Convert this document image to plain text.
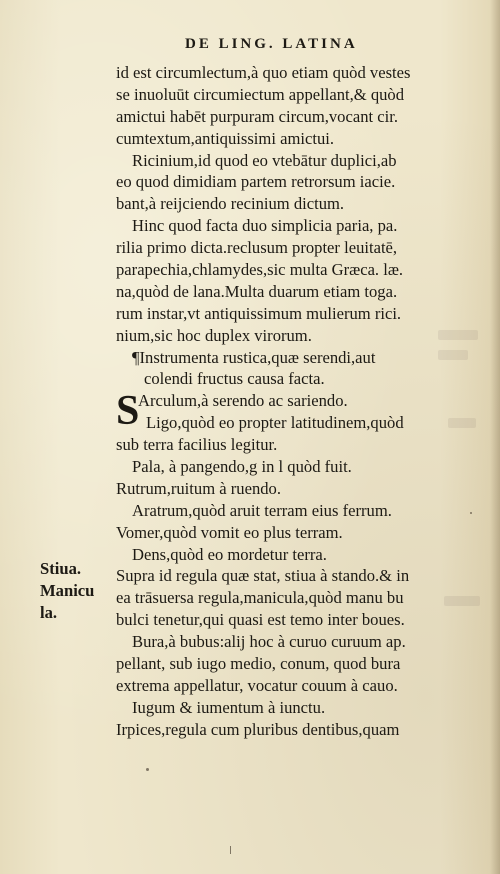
DE LING. LATINA
id est circumlectum,à quo etiam quòd vestes
se inuoluūt circumiectum appellant,& quòd
amictui habēt purpuram circum,vocant cir.
cumtextum,antiquissimi amictui.
Ricinium,id quod eo vtebātur duplici,ab
eo quod dimidiam partem retrorsum iacie.
bant,à reijciendo recinium dictum.
Hinc quod facta duo simplicia paria, pa.
rilia primo dicta.reclusum propter leuitatē,
parapechia,chlamydes,sic multa Græca. læ.
na,quòd de lana.Multa duarum etiam toga.
rum instar,vt antiquissimum mulierum rici.
nium,sic hoc duplex virorum.
¶Instrumenta rustica,quæ serendi,aut
colendi fructus causa facta.
S
Arculum,à serendo ac sariendo.
Ligo,quòd eo propter latitudinem,quòd
sub terra facilius legitur.
Pala, à pangendo,g in l quòd fuit.
Rutrum,ruitum à ruendo.
Aratrum,quòd aruit terram eius ferrum.
Vomer,quòd vomit eo plus terram.
Dens,quòd eo mordetur terra.
Supra id regula quæ stat, stiua à stando.& in
ea trāsuersa regula,manicula,quòd manu bu
bulci tenetur,qui quasi est temo inter boues.
Bura,à bubus:alij hoc à curuo curuum ap.
pellant, sub iugo medio, conum, quod bura
extrema appellatur, vocatur couum à cauo.
Iugum & iumentum à iunctu.
Irpices,regula cum pluribus dentibus,quam
Stiua.
Manicu
la.
